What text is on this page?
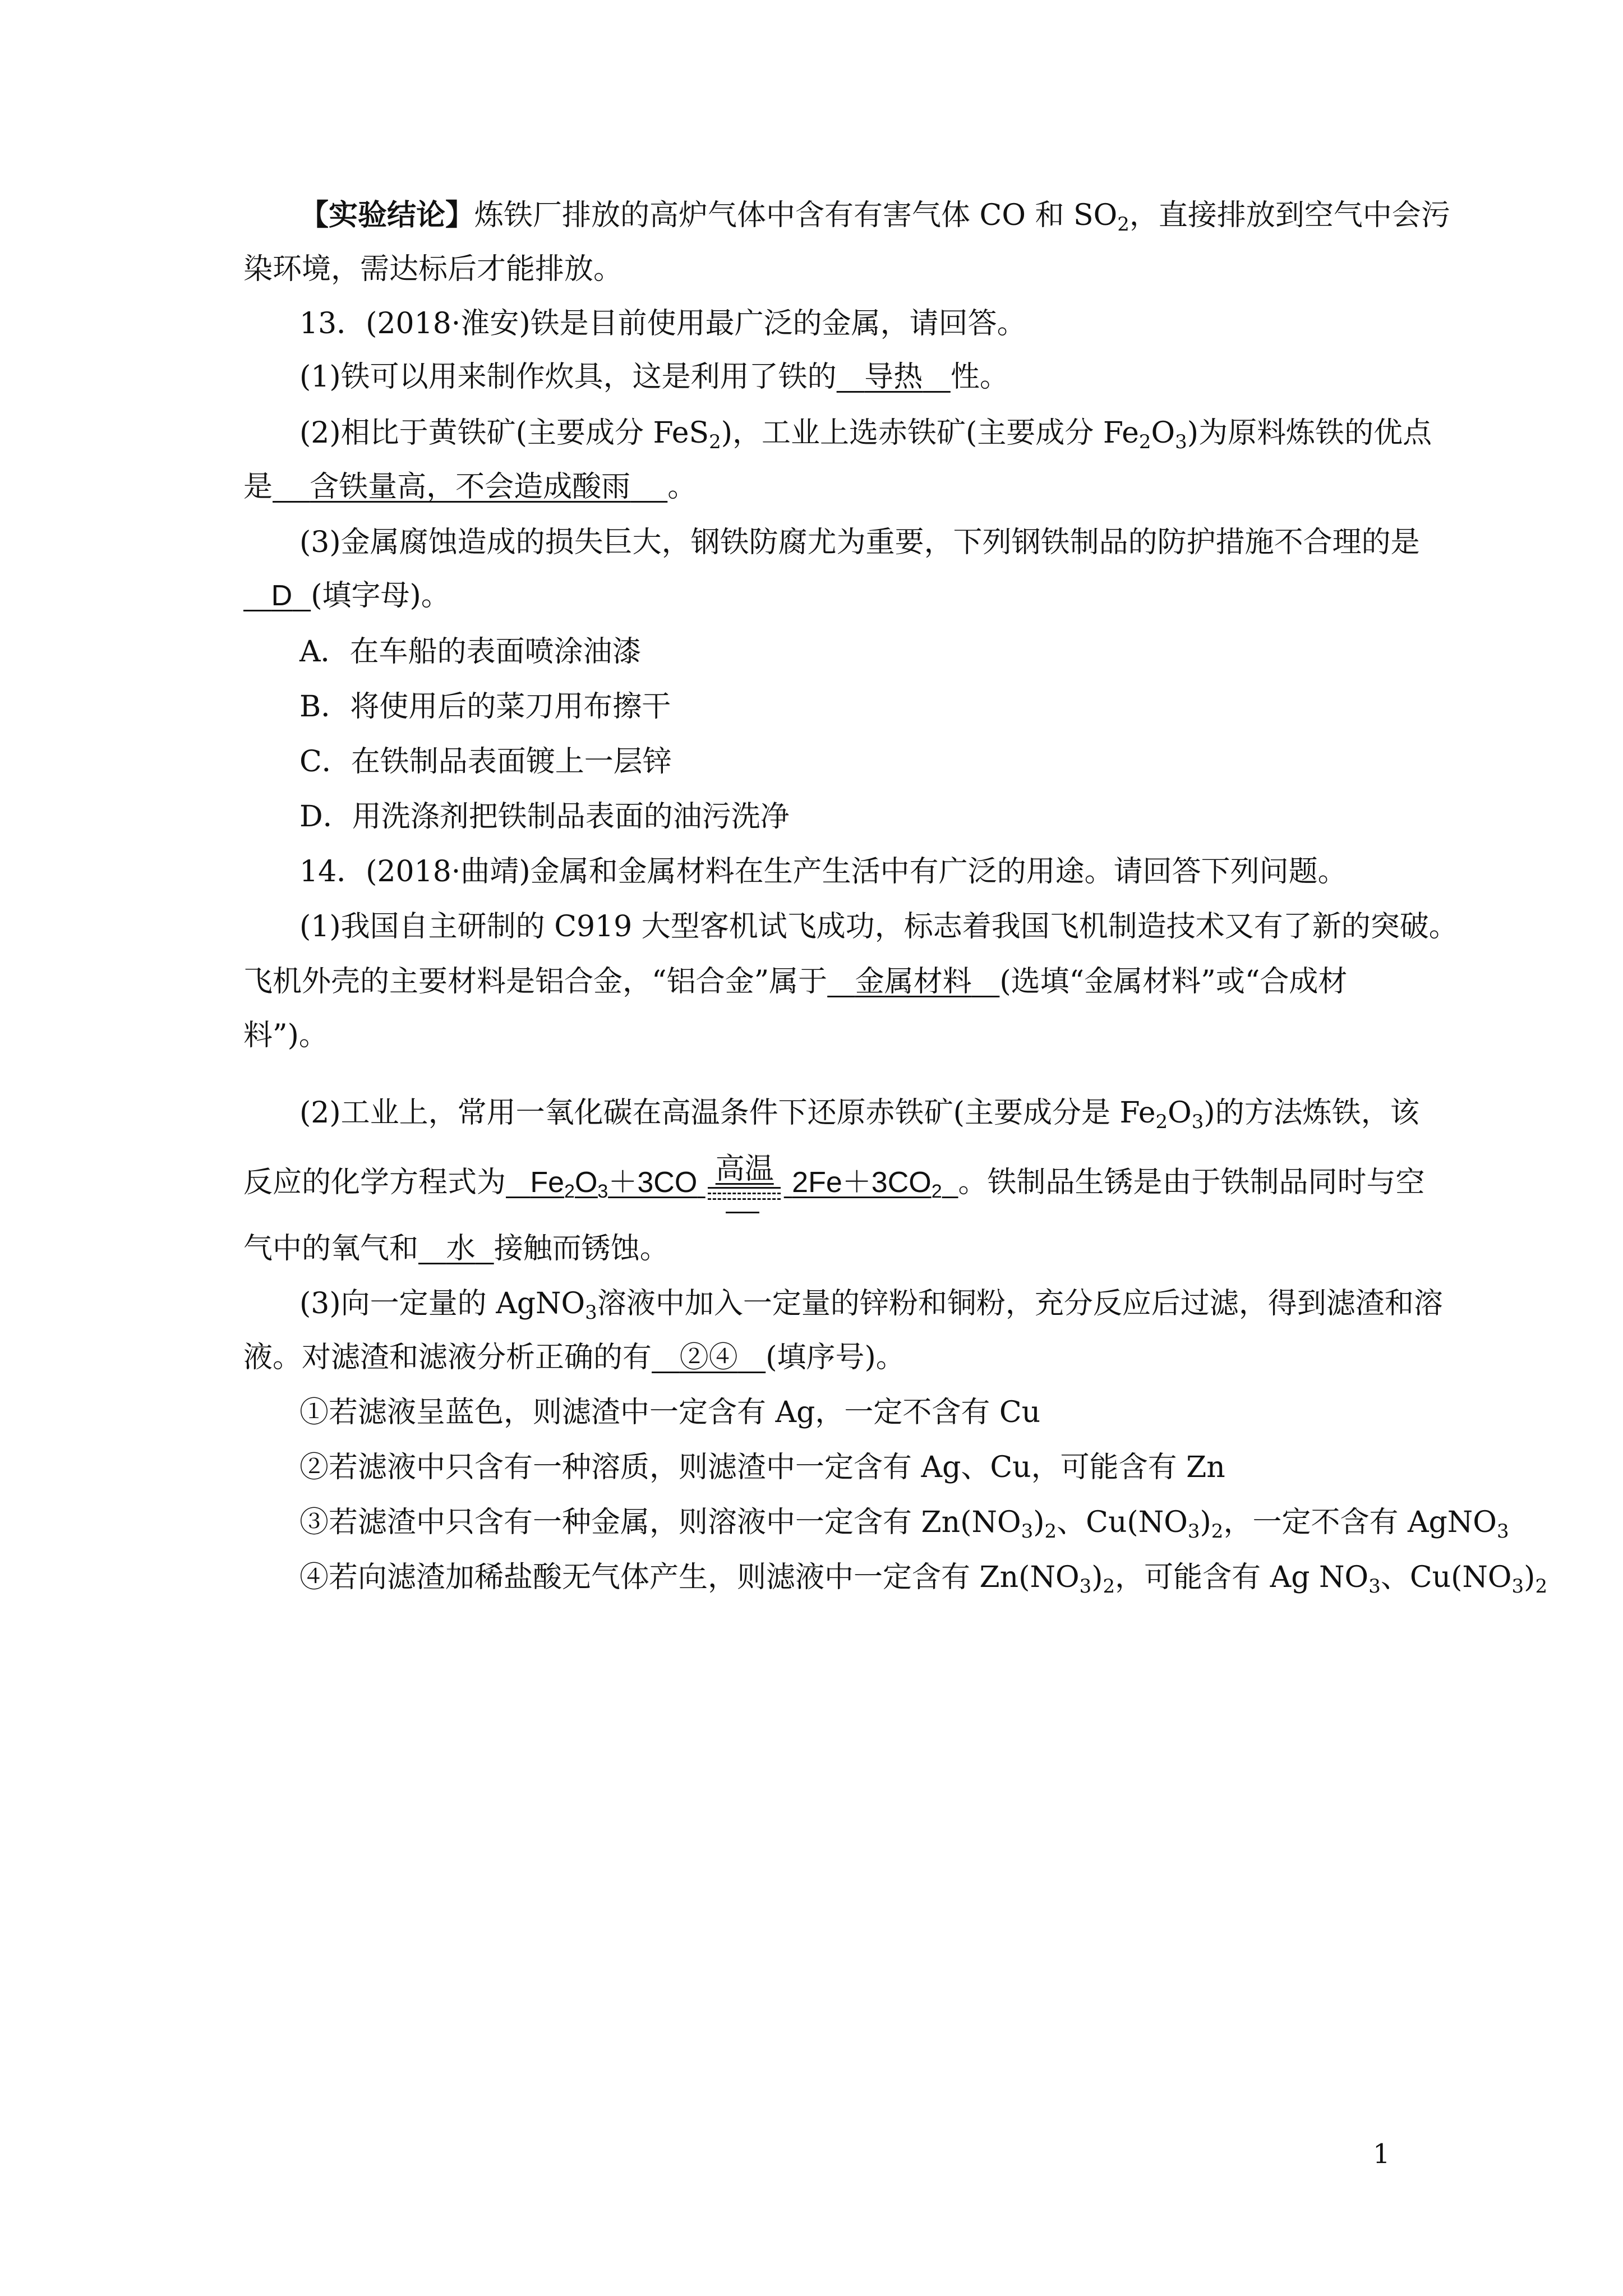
【实验结论】炼铁厂排放的高炉气体中含有有害气体 CO 和 $SO_2$，直接排放到空气中会污
染环境，需达标后才能排放。
13．(2018·淮安)铁是目前使用最广泛的金属，请回答。
(1)铁可以用来制作炊具，这是利用了铁的 导热 性。
(2)相比于黄铁矿(主要成分 FeS$_2$)，工业上选赤铁矿(主要成分 $Fe_2O_3$)为原料炼铁的优点
是 含铁量高，不会造成酸雨 。
(3)金属腐蚀造成的损失巨大，钢铁防腐尤为重要，下列钢铁制品的防护措施不合理的是
D (填字母)。
A．在车船的表面喷涂油漆
B．将使用后的菜刀用布擦干
C．在铁制品表面镀上一层锌
D．用洗涤剂把铁制品表面的油污洗净
14．(2018·曲靖)金属和金属材料在生产生活中有广泛的用途。请回答下列问题。
(1)我国自主研制的 C919 大型客机试飞成功，标志着我国飞机制造技术又有了新的突破。
飞机外壳的主要材料是铝合金，“铝合金”属于 金属材料 (选填“金属材料”或“合成材
料”)。
(2)工业上，常用一氧化碳在高温条件下还原赤铁矿(主要成分是 $Fe_2O_3$)的方法炼铁，该
反应的化学方程式为 $Fe_2O_3+3CO$ 高温 $2Fe+3CO_2$ 。铁制品生锈是由于铁制品同时与空
气中的氧气和 水 接触而锈蚀。
(3)向一定量的 AgNO$_3$溶液中加入一定量的锌粉和铜粉，充分反应后过滤，得到滤渣和溶
液。对滤渣和滤液分析正确的有 ②④ (填序号)。
①若滤液呈蓝色，则滤渣中一定含有 Ag，一定不含有 Cu
②若滤液中只含有一种溶质，则滤渣中一定含有 Ag、Cu，可能含有 Zn
③若滤渣中只含有一种金属，则溶液中一定含有 $Zn(NO_3)_2$、$Cu(NO_3)_2$，一定不含有 AgNO$_3$
④若向滤渣加稀盐酸无气体产生，则滤液中一定含有 $Zn(NO_3)_2$，可能含有 Ag $NO_3$、$Cu(NO_3)_2$
1
